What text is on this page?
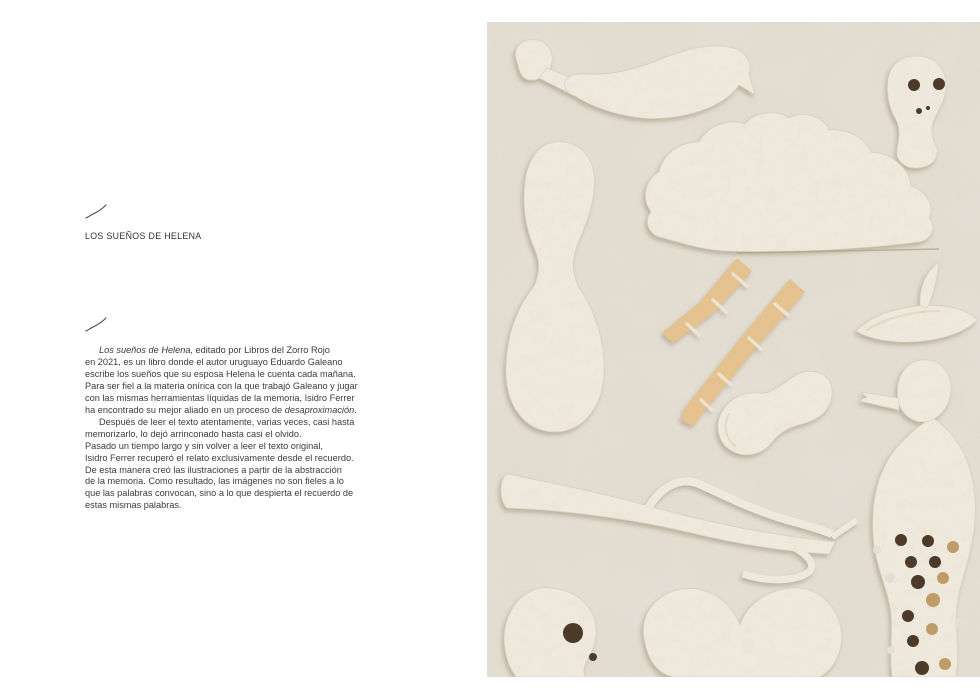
LOS SUEÑOS DE HELENA
Los sueños de Helena, editado por Libros del Zorro Rojo
en 2021, es un libro donde el autor uruguayo Eduardo Galeano
escribe los sueños que su esposa Helena le cuenta cada mañana.
Para ser fiel a la materia onírica con la que trabajó Galeano y jugar
con las mismas herramientas líquidas de la memoria, Isidro Ferrer
ha encontrado su mejor aliado en un proceso de desaproximación.
Después de leer el texto atentamente, varias veces, casi hasta
memorizarlo, lo dejó arrinconado hasta casi el olvido.
Pasado un tiempo largo y sin volver a leer el texto original,
Isidro Ferrer recuperó el relato exclusivamente desde el recuerdo.
De esta manera creó las ilustraciones a partir de la abstracción
de la memoria. Como resultado, las imágenes no son fieles a lo
que las palabras convocan, sino a lo que despierta el recuerdo de
estas mismas palabras.
